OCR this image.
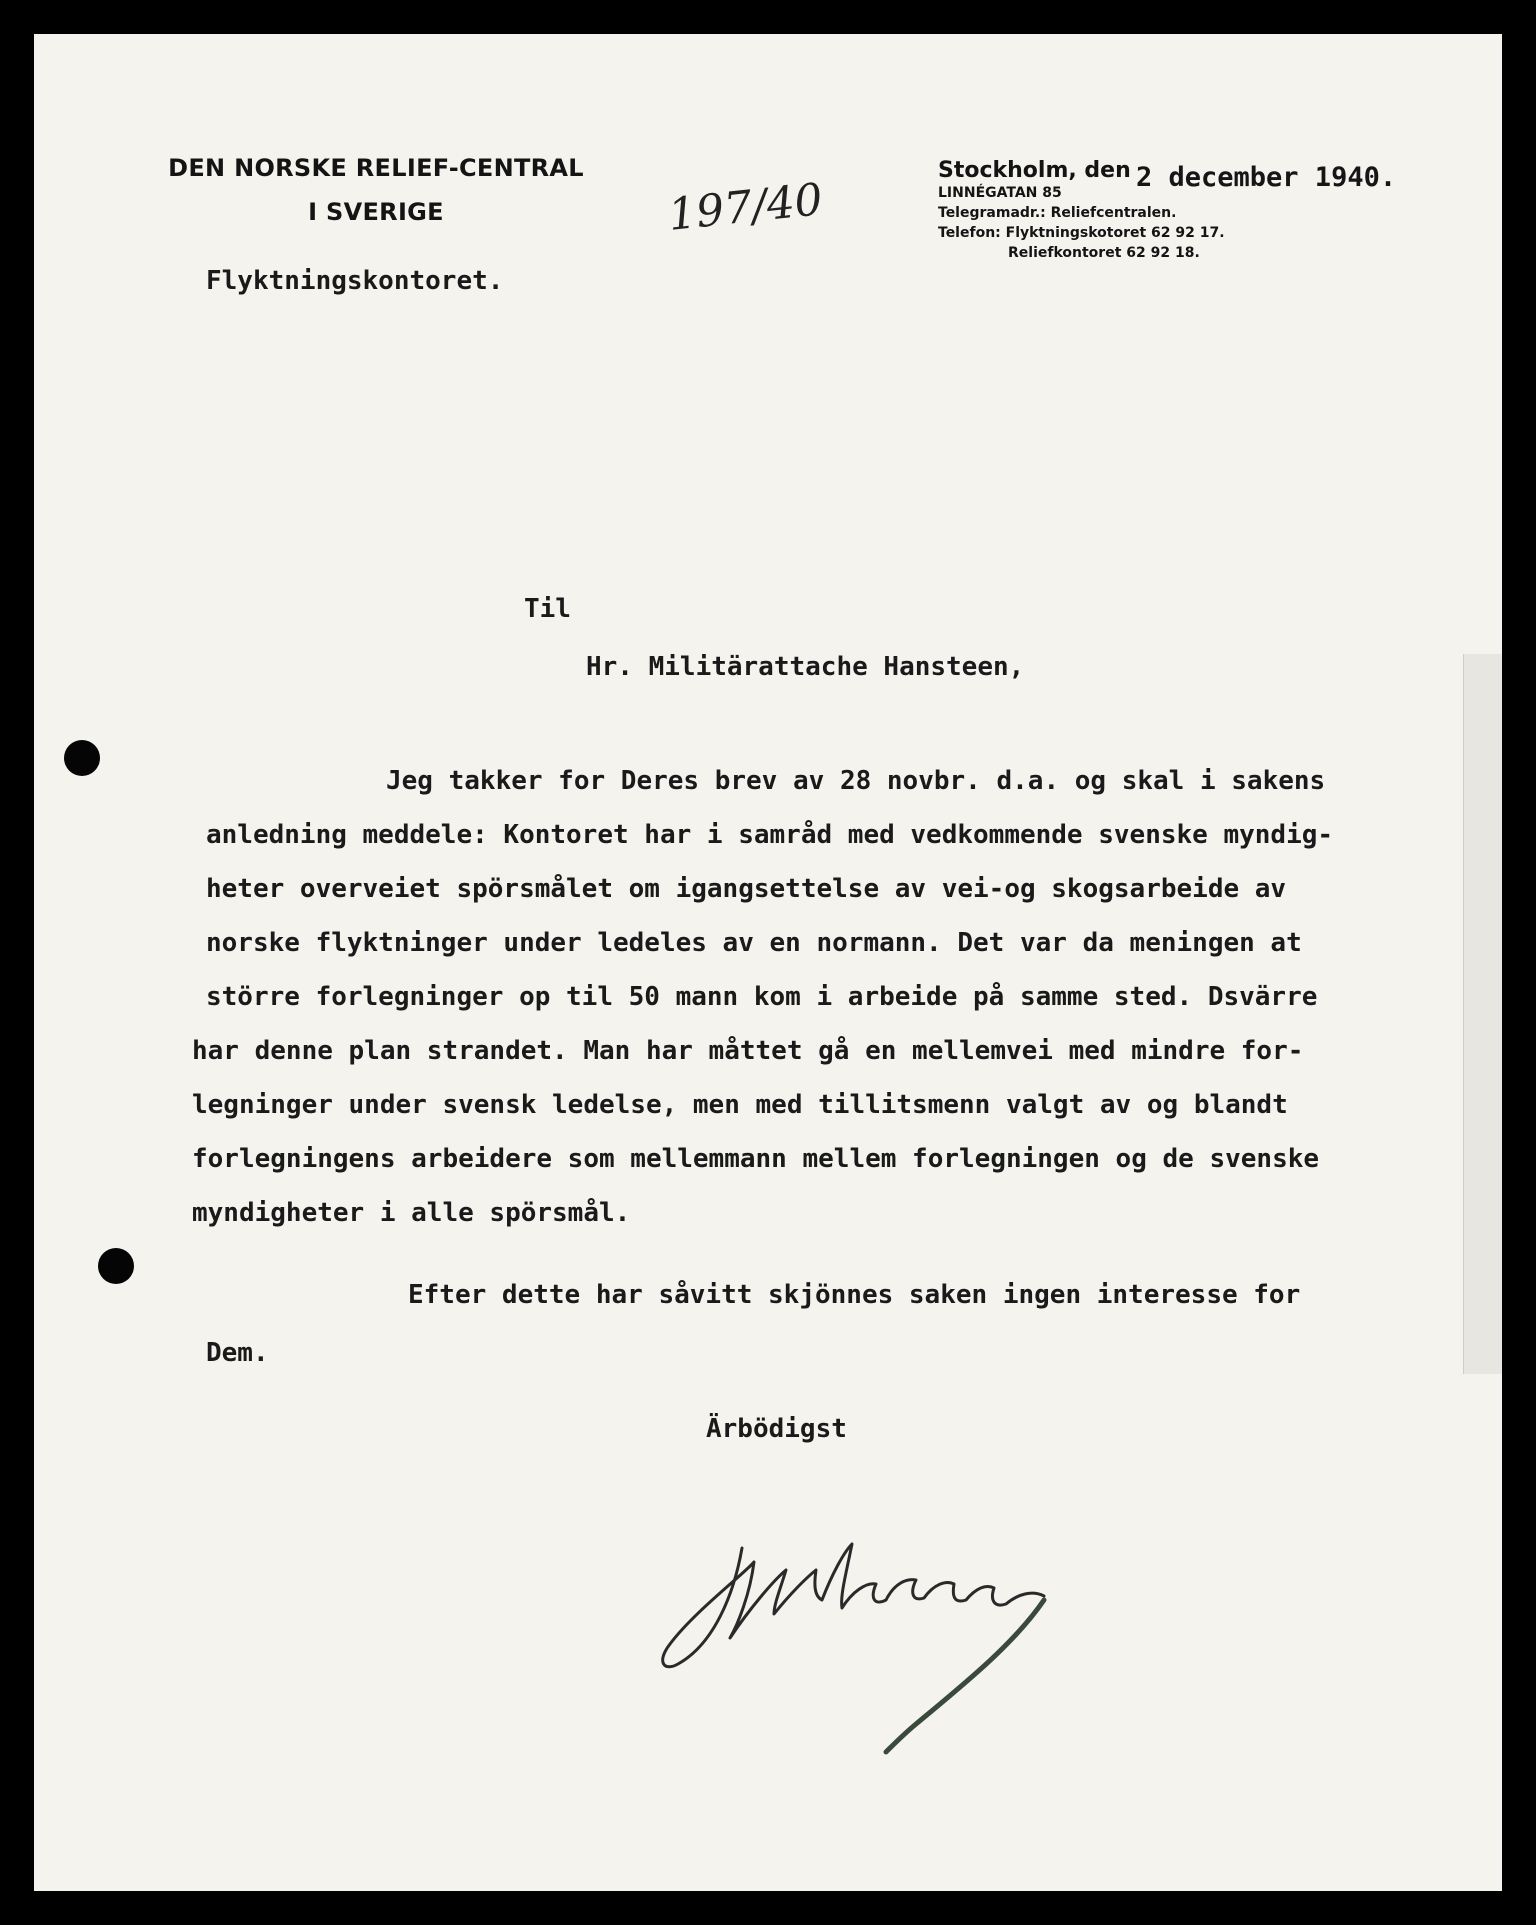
DEN NORSKE RELIEF-CENTRAL
I SVERIGE	197/40
Stockholm, den
LINNÉGATAN 85
Telegramadr.: Reliefcentralen.
Telefon: Flyktningskotoret 62 92 17.
Reliefkontoret 62 92 18.
2 december 1940.
Flyktningskontoret.
Til
Hr. Militärattache Hansteen,
Jeg takker for Deres brev av 28 novbr. d.a. og skal i sakens
anledning meddele: Kontoret har i samråd med vedkommende svenske myndig-
heter overveiet spörsmålet om igangsettelse av vei-og skogsarbeide av
norske flyktninger under ledeles av en normann. Det var da meningen at
större forlegninger op til 50 mann kom i arbeide på samme sted. Dsvärre
har denne plan strandet. Man har måttet gå en mellemvei med mindre for-
legninger under svensk ledelse, men med tillitsmenn valgt av og blandt
forlegningens arbeidere som mellemmann mellem forlegningen og de svenske
myndigheter i alle spörsmål.
Efter dette har såvitt skjönnes saken ingen interesse for
Dem.
Ärbödigst
